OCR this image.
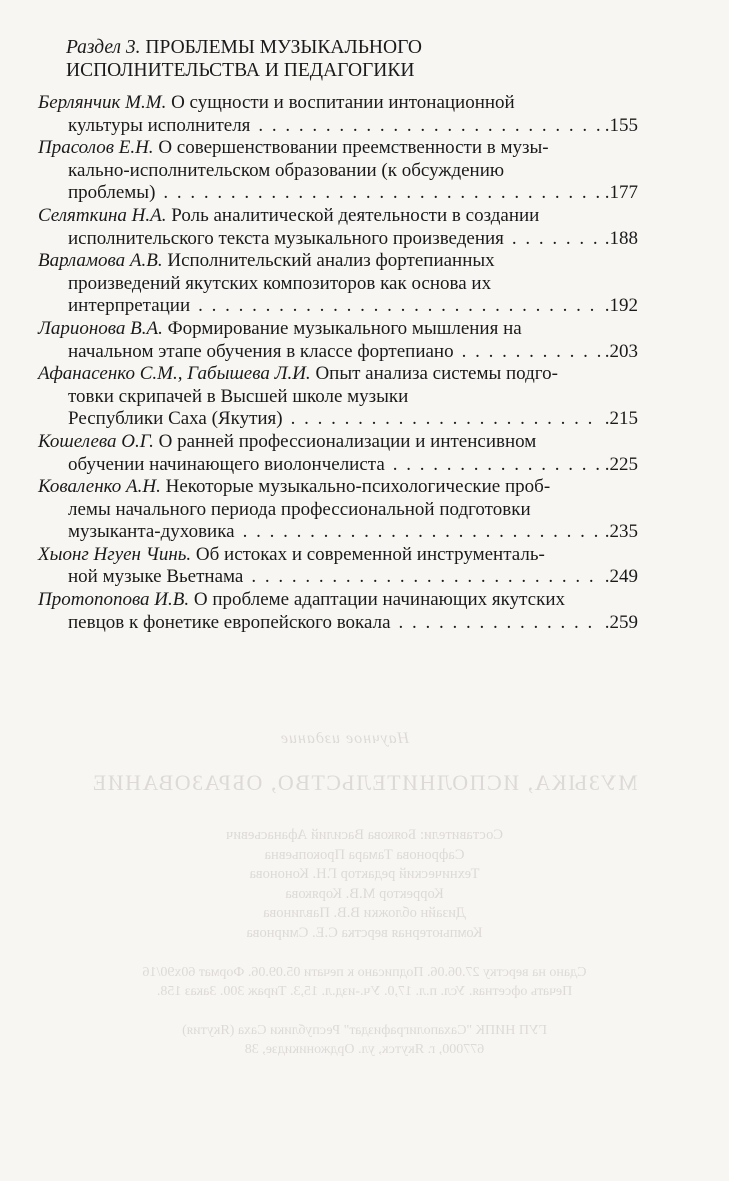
Раздел 3. ПРОБЛЕМЫ МУЗЫКАЛЬНОГО
ИСПОЛНИТЕЛЬСТВА И ПЕДАГОГИКИ
Берлянчик М.М. О сущности и воспитании интонационной
культуры исполнителя . . .	.155
Прасолов Е.Н. О совершенствовании преемственности в музы-
кально-исполнительском образовании (к обсуждению
проблемы) . . .	.177
Селяткина Н.А. Роль аналитической деятельности в создании
исполнительского текста музыкального произведения . . .	.188
Варламова А.В. Исполнительский анализ фортепианных
произведений якутских композиторов как основа их
интерпретации . . .	.192
Ларионова В.А. Формирование музыкального мышления на
начальном этапе обучения в классе фортепиано . . .	.203
Афанасенко С.М., Габышева Л.И. Опыт анализа системы подго-
товки скрипачей в Высшей школе музыки
Республики Саха (Якутия) . . .	.215
Кошелева О.Г. О ранней профессионализации и интенсивном
обучении начинающего виолончелиста . . .	.225
Коваленко А.Н. Некоторые музыкально-психологические проб-
лемы начального периода профессиональной подготовки
музыканта-духовика . . .	.235
Хыонг Нгуен Чинь. Об истоках и современной инструменталь-
ной музыке Вьетнама . . .	.249
Протопопова И.В. О проблеме адаптации начинающих якутских
певцов к фонетике европейского вокала . . .	.259
Научное издание
МУЗЫКА, ИСПОЛНИТЕЛЬСТВО, ОБРАЗОВАНИЕ
Составители: Боякова Василий Афанасьевич
Сафронова Тамара Прокопьевна
Технический редактор Г.Н. Кононова
Корректор М.В. Корякова
Дизайн обложки В.В. Павлинова
Компьютерная верстка С.Е. Смирнова
Сдано на верстку 27.06.06. Подписано к печати 05.09.06. Формат 60х90/16
Печать офсетная. Усл. п.л. 17,0. Уч.-изд.л. 15,3. Тираж 300. Заказ 158.
ГУП НИПК "Сахаполиграфиздат" Республики Саха (Якутия)
677000, г. Якутск, ул. Орджоникидзе, 38
